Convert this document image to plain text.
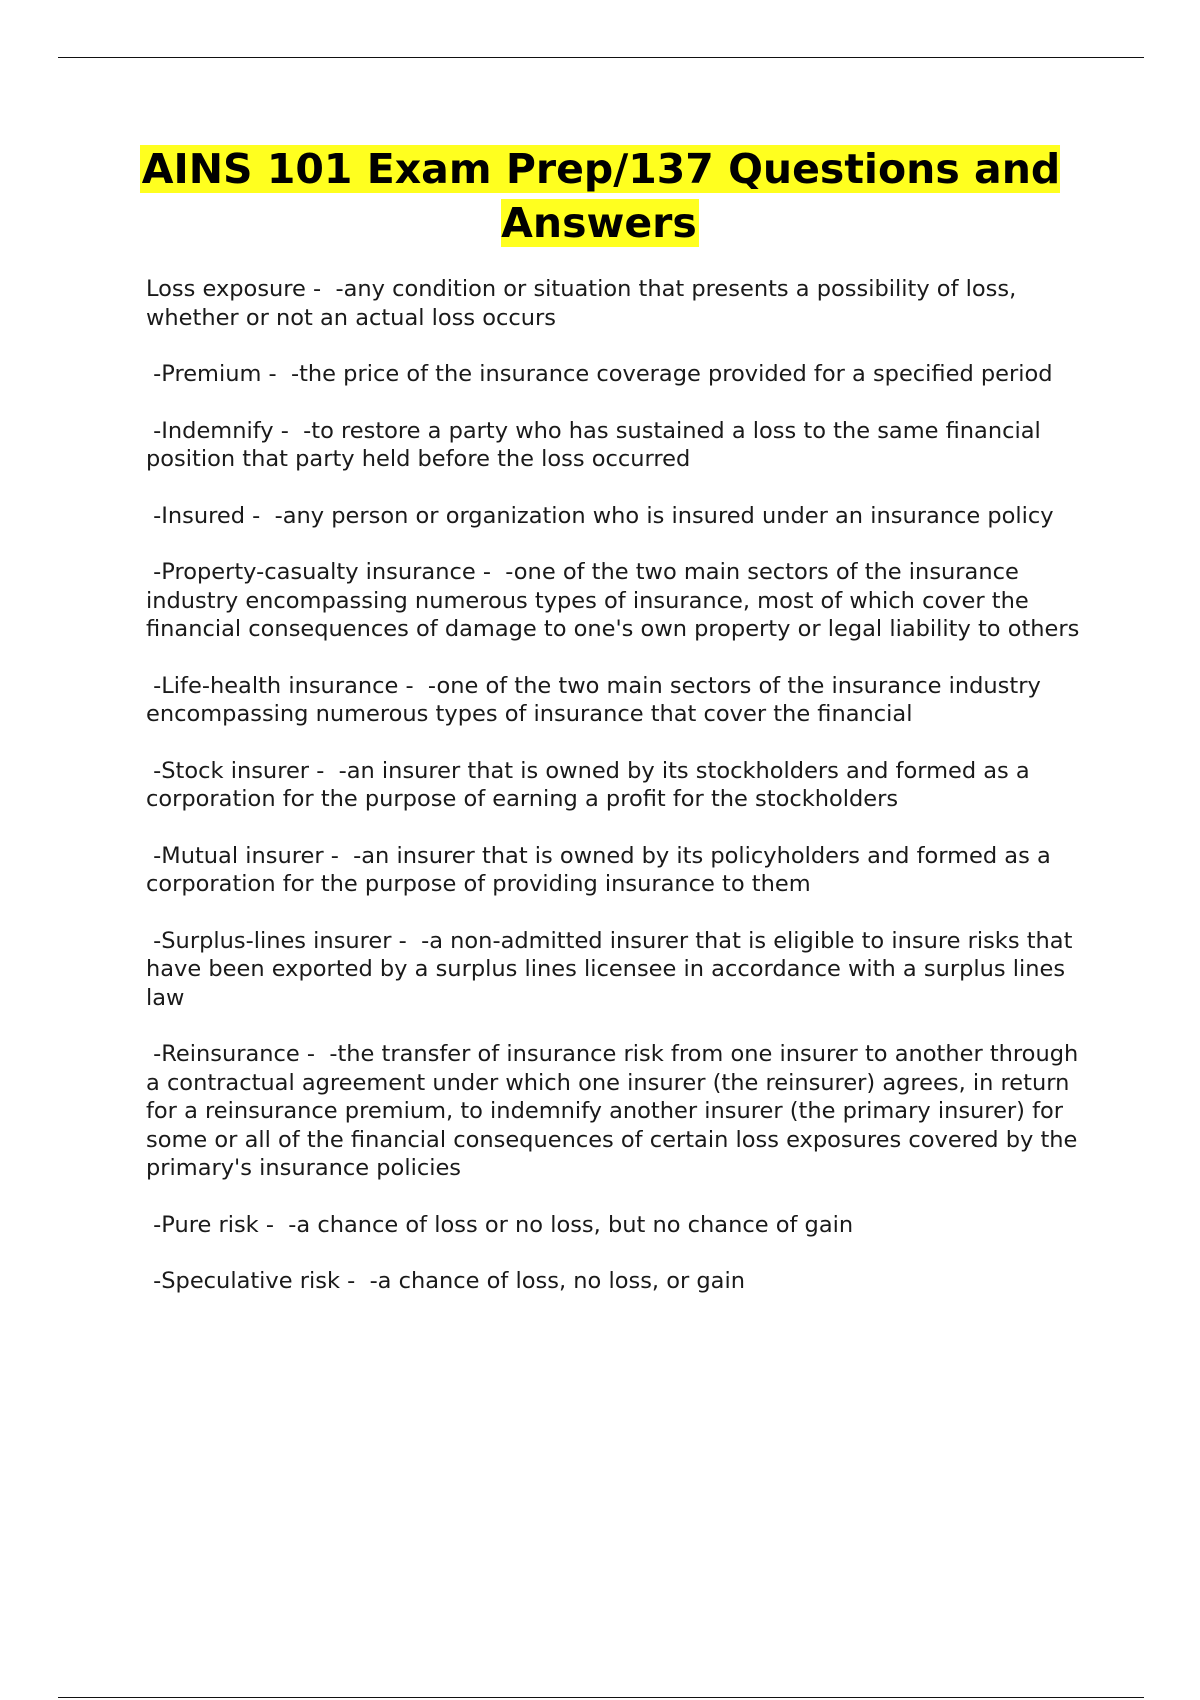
AINS 101 Exam Prep/137 Questions and Answers

Loss exposure -  -any condition or situation that presents a possibility of loss, whether or not an actual loss occurs

-Premium -  -the price of the insurance coverage provided for a specified period

-Indemnify -  -to restore a party who has sustained a loss to the same financial position that party held before the loss occurred

-Insured -  -any person or organization who is insured under an insurance policy

-Property-casualty insurance -  -one of the two main sectors of the insurance industry encompassing numerous types of insurance, most of which cover the financial consequences of damage to one's own property or legal liability to others

-Life-health insurance -  -one of the two main sectors of the insurance industry encompassing numerous types of insurance that cover the financial

-Stock insurer -  -an insurer that is owned by its stockholders and formed as a corporation for the purpose of earning a profit for the stockholders

-Mutual insurer -  -an insurer that is owned by its policyholders and formed as a corporation for the purpose of providing insurance to them

-Surplus-lines insurer -  -a non-admitted insurer that is eligible to insure risks that have been exported by a surplus lines licensee in accordance with a surplus lines law

-Reinsurance -  -the transfer of insurance risk from one insurer to another through a contractual agreement under which one insurer (the reinsurer) agrees, in return for a reinsurance premium, to indemnify another insurer (the primary insurer) for some or all of the financial consequences of certain loss exposures covered by the primary's insurance policies

-Pure risk -  -a chance of loss or no loss, but no chance of gain

-Speculative risk -  -a chance of loss, no loss, or gain
